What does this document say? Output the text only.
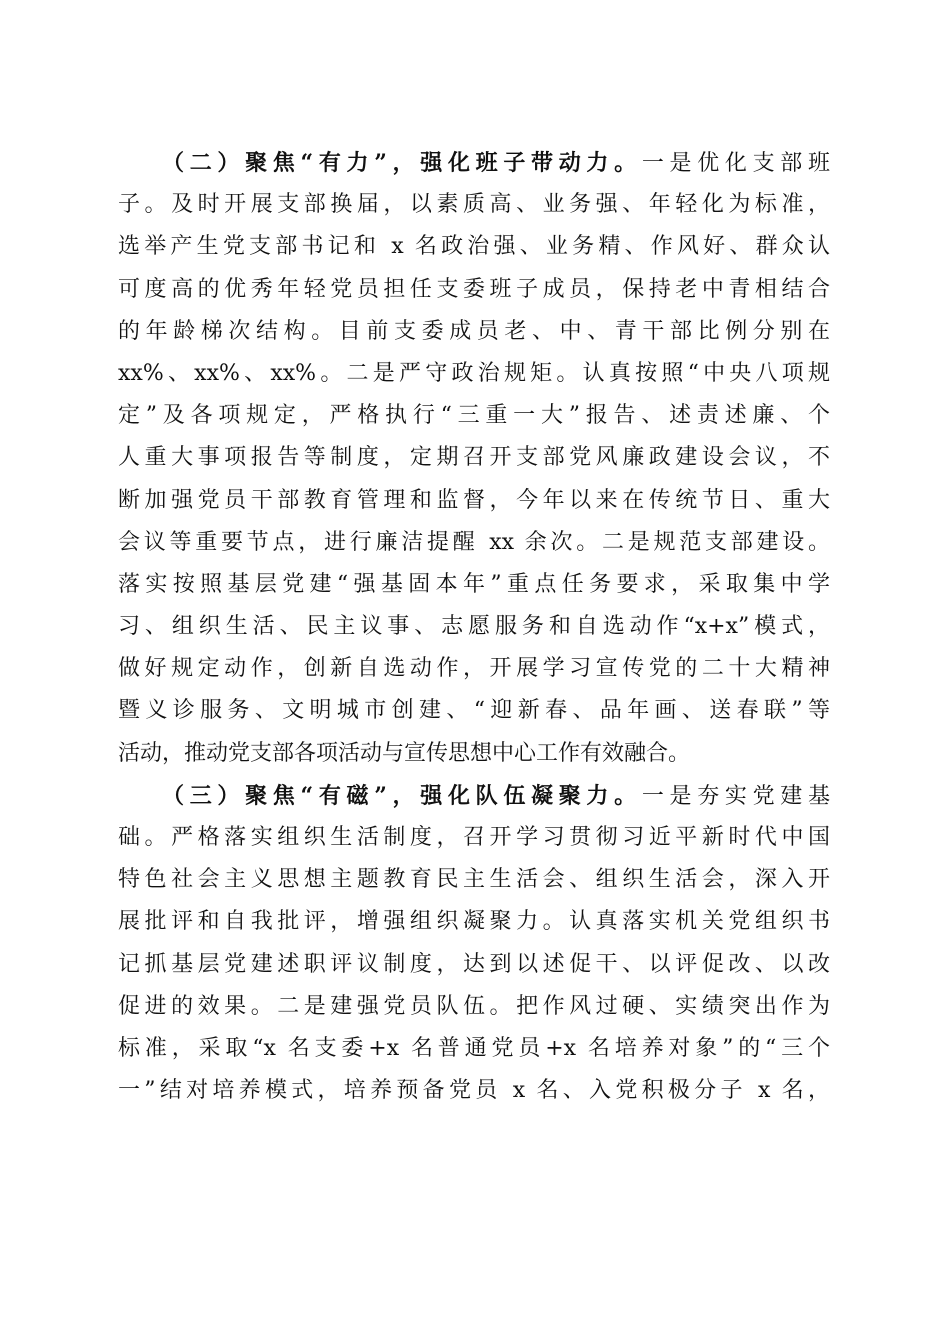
（二）聚焦“有力”，强化班子带动力。一是优化支部班
子。及时开展支部换届，以素质高、业务强、年轻化为标准，
选举产生党支部书记和 x 名政治强、业务精、作风好、群众认
可度高的优秀年轻党员担任支委班子成员，保持老中青相结合
的年龄梯次结构。目前支委成员老、中、青干部比例分别在
xx%、xx%、xx%。二是严守政治规矩。认真按照“中央八项规
定”及各项规定，严格执行“三重一大”报告、述责述廉、个
人重大事项报告等制度，定期召开支部党风廉政建设会议，不
断加强党员干部教育管理和监督，今年以来在传统节日、重大
会议等重要节点，进行廉洁提醒 xx 余次。二是规范支部建设。
落实按照基层党建“强基固本年”重点任务要求，采取集中学
习、组织生活、民主议事、志愿服务和自选动作“x+x”模式，
做好规定动作，创新自选动作，开展学习宣传党的二十大精神
暨义诊服务、文明城市创建、“迎新春、品年画、送春联”等
活动，推动党支部各项活动与宣传思想中心工作有效融合。
（三）聚焦“有磁”，强化队伍凝聚力。一是夯实党建基
础。严格落实组织生活制度，召开学习贯彻习近平新时代中国
特色社会主义思想主题教育民主生活会、组织生活会，深入开
展批评和自我批评，增强组织凝聚力。认真落实机关党组织书
记抓基层党建述职评议制度，达到以述促干、以评促改、以改
促进的效果。二是建强党员队伍。把作风过硬、实绩突出作为
标准，采取“x 名支委+x 名普通党员+x 名培养对象”的“三个
一”结对培养模式，培养预备党员 x 名、入党积极分子 x 名，
